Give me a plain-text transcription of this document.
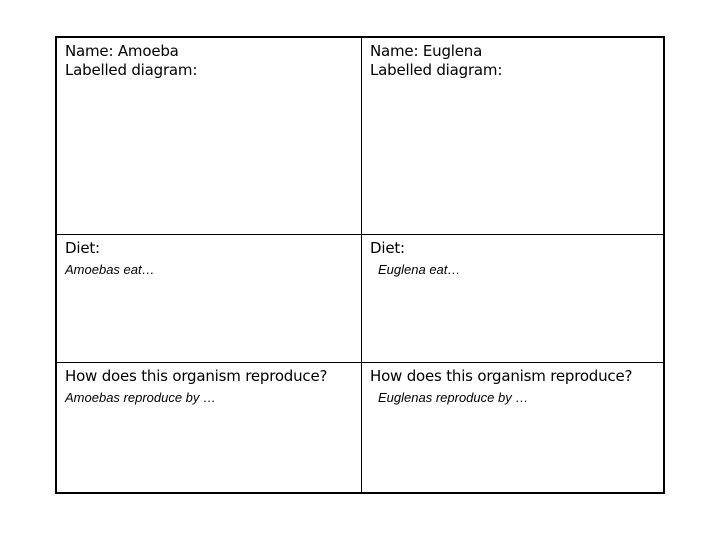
Name: Amoeba
Labelled diagram:
Name: Euglena
Labelled diagram:
Diet:
Amoebas eat…
Diet:
Euglena eat…
How does this organism reproduce?
Amoebas reproduce by …
How does this organism reproduce?
Euglenas reproduce by …
